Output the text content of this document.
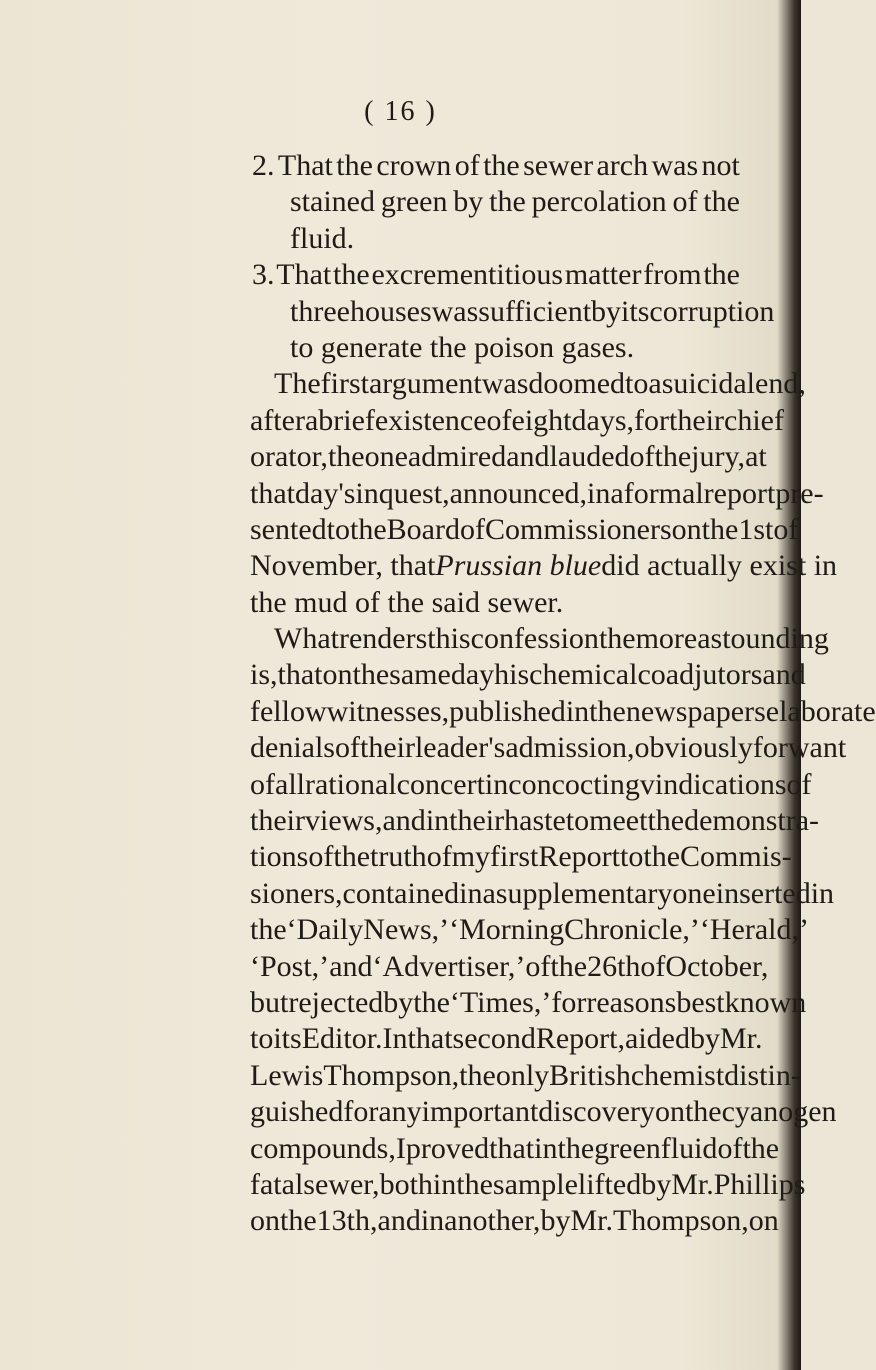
( 16 )
2. That the crown of the sewer arch was not
stained green by the percolation of the
fluid.
3. That the excrementitious matter from the
three houses was sufficient by its corruption
to generate the poison gases.
The first argument was doomed to a suicidal end,
after a brief existence of eight days, for their chief
orator, the one admired and lauded of the jury, at
that day's inquest, announced, in a formal report pre-
sented to the Board of Commissioners on the 1st of
November, that Prussian blue did actually exist in
the mud of the said sewer.
What renders this confession the more astounding
is, that on the same day his chemical coadjutors and
fellow witnesses, published in the newspapers elaborate
denials of their leader's admission, obviously for want
of all rational concert in concocting vindications of
their views, and in their haste to meet the demonstra-
tions of the truth of my first Report to the Commis-
sioners, contained in a supplementary one inserted in
the ‘Daily News,’ ‘Morning Chronicle,’ ‘Herald,’
‘Post,’ and ‘Advertiser,’ of the 26th of October,
but rejected by the ‘Times,’ for reasons best known
to its Editor. In that second Report, aided by Mr.
Lewis Thompson, the only British chemist distin-
guished for any important discovery on the cyanogen
compounds, I proved that in the green fluid of the
fatal sewer, both in the sample lifted by Mr. Phillips
on the 13th, and in another, by Mr. Thompson, on
